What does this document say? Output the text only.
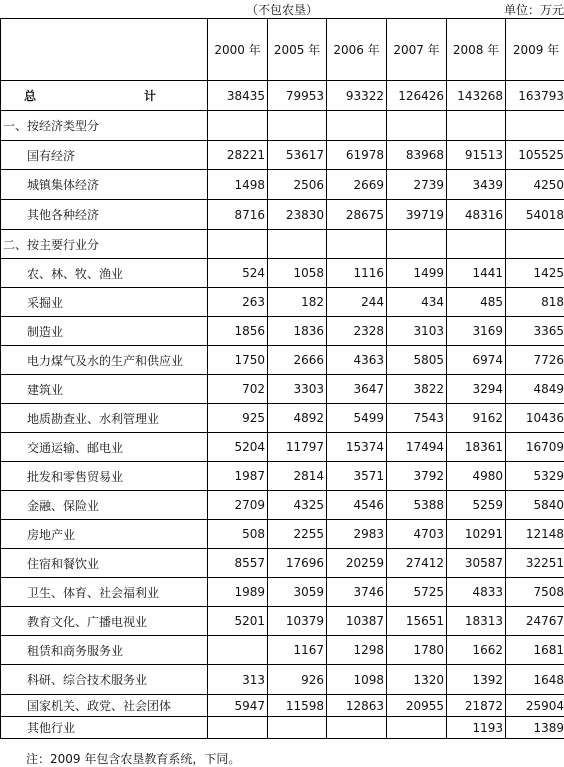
（不包农垦）	单位：万元
	2000 年	2005 年	2006 年	2007 年	2008 年	2009 年
总　　计	38435	79953	93322	126426	143268	163793
一、按经济类型分						
国有经济	28221	53617	61978	83968	91513	105525
城镇集体经济	1498	2506	2669	2739	3439	4250
其他各种经济	8716	23830	28675	39719	48316	54018
二、按主要行业分						
农、林、牧、渔业	524	1058	1116	1499	1441	1425
采掘业	263	182	244	434	485	818
制造业	1856	1836	2328	3103	3169	3365
电力煤气及水的生产和供应业	1750	2666	4363	5805	6974	7726
建筑业	702	3303	3647	3822	3294	4849
地质勘查业、水利管理业	925	4892	5499	7543	9162	10436
交通运输、邮电业	5204	11797	15374	17494	18361	16709
批发和零售贸易业	1987	2814	3571	3792	4980	5329
金融、保险业	2709	4325	4546	5388	5259	5840
房地产业	508	2255	2983	4703	10291	12148
住宿和餐饮业	8557	17696	20259	27412	30587	32251
卫生、体育、社会福利业	1989	3059	3746	5725	4833	7508
教育文化、广播电视业	5201	10379	10387	15651	18313	24767
租赁和商务服务业		1167	1298	1780	1662	1681
科研、综合技术服务业	313	926	1098	1320	1392	1648
国家机关、政党、社会团体	5947	11598	12863	20955	21872	25904
其他行业					1193	1389
注：2009 年包含农垦教育系统，下同。
